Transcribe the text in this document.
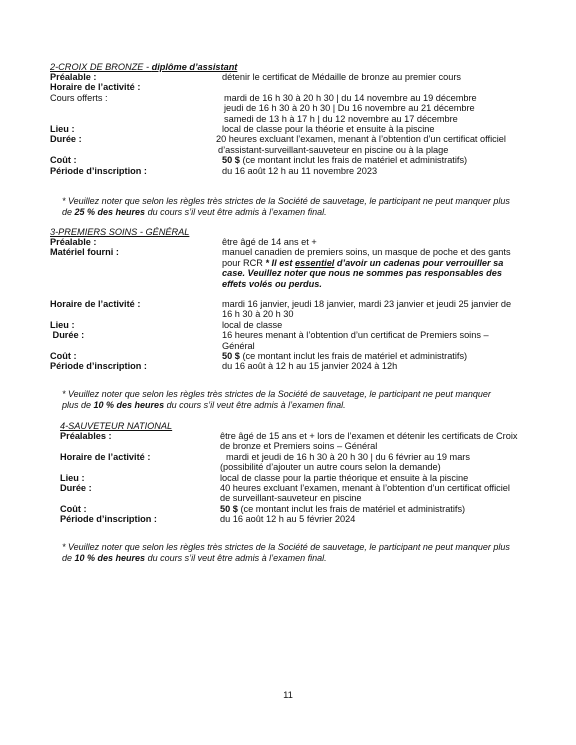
2-CROIX DE BRONZE - diplôme d’assistant
Préalable :	détenir le certificat de Médaille de bronze au premier cours
Horaire de l’activité :
Cours offerts :	mardi de 16 h 30 à 20 h 30 | du 14 novembre au 19 décembre
jeudi de 16 h 30 à 20 h 30 | Du 16 novembre au 21 décembre
samedi de 13 h à 17 h | du 12 novembre au 17 décembre
Lieu :	local de classe pour la théorie et ensuite à la piscine
Durée :	20 heures excluant l’examen, menant à l’obtention d’un certificat officiel
d’assistant-surveillant-sauveteur en piscine ou à la plage
Coût :	50 $ (ce montant inclut les frais de matériel et administratifs)
Période d’inscription :	du 16 août 12 h au 11 novembre 2023
* Veuillez noter que selon les règles très strictes de la Société de sauvetage, le participant ne peut manquer plus
de 25 % des heures du cours s’il veut être admis à l’examen final.
3-PREMIERS SOINS - GÉNÉRAL
Préalable :	être âgé de 14 ans et +
Matériel fourni :	manuel canadien de premiers soins, un masque de poche et des gants
pour RCR * Il est essentiel d’avoir un cadenas pour verrouiller sa
case. Veuillez noter que nous ne sommes pas responsables des
effets volés ou perdus.
Horaire de l’activité :	mardi 16 janvier, jeudi 18 janvier, mardi 23 janvier et jeudi 25 janvier de
16 h 30 à 20 h 30
Lieu :	local de classe
Durée :	16 heures menant à l’obtention d’un certificat de Premiers soins –
Général
Coût :	50 $ (ce montant inclut les frais de matériel et administratifs)
Période d’inscription :	du 16 août à 12 h au 15 janvier 2024 à 12h
* Veuillez noter que selon les règles très strictes de la Société de sauvetage, le participant ne peut manquer
plus de 10 % des heures du cours s’il veut être admis à l’examen final.
4-SAUVETEUR NATIONAL
Préalables :	être âgé de 15 ans et + lors de l’examen et détenir les certificats de Croix
de bronze et Premiers soins – Général
Horaire de l’activité :	mardi et jeudi de 16 h 30 à 20 h 30 | du 6 février au 19 mars
(possibilité d’ajouter un autre cours selon la demande)
Lieu :	local de classe pour la partie théorique et ensuite à la piscine
Durée :	40 heures excluant l’examen, menant à l’obtention d’un certificat officiel
de surveillant-sauveteur en piscine
Coût :	50 $ (ce montant inclut les frais de matériel et administratifs)
Période d’inscription :	du 16 août 12 h au 5 février 2024
* Veuillez noter que selon les règles très strictes de la Société de sauvetage, le participant ne peut manquer plus
de 10 % des heures du cours s’il veut être admis à l’examen final.
11
